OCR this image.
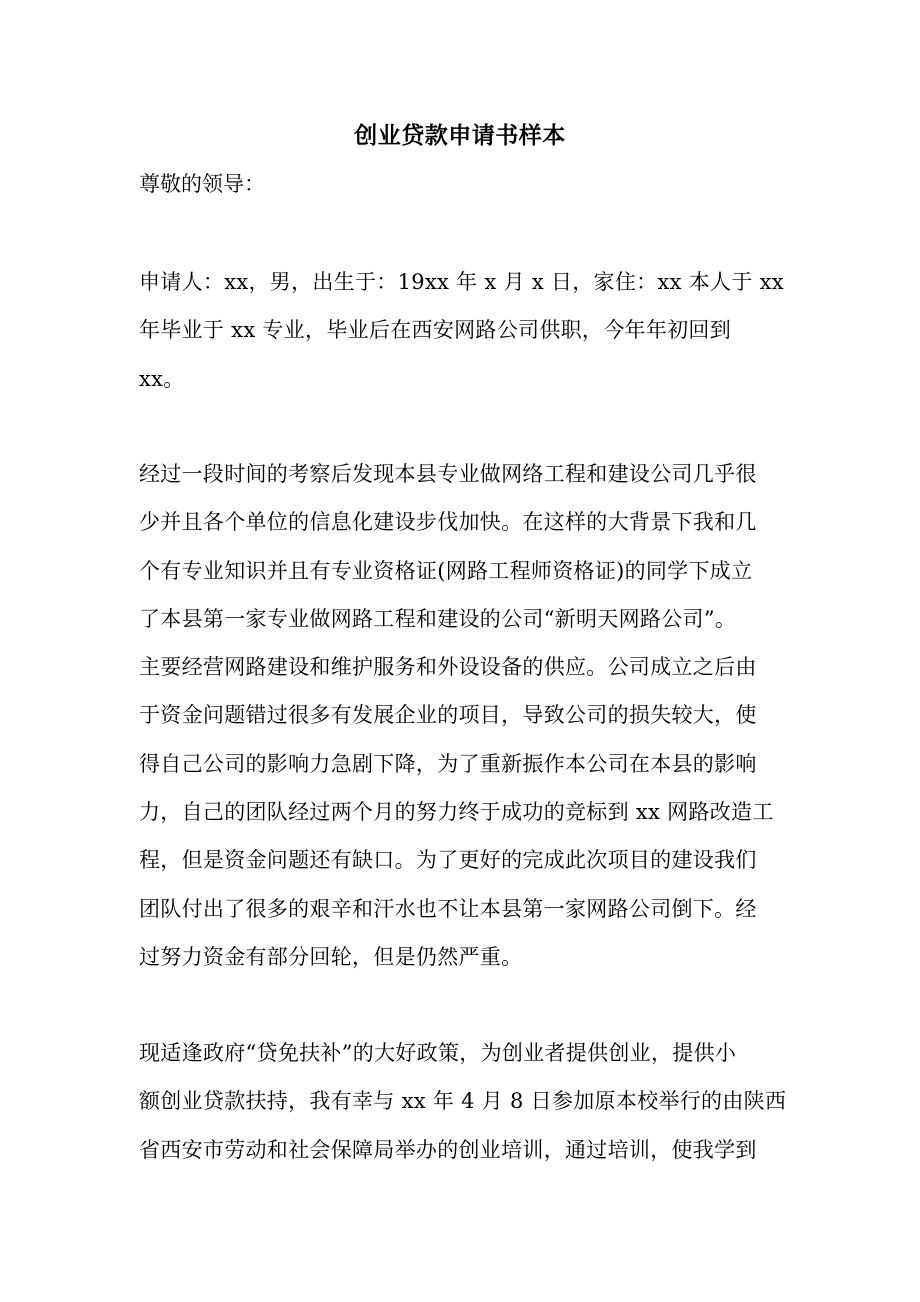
创业贷款申请书样本
尊敬的领导：
申请人：xx，男，出生于：19xx 年 x 月 x 日，家住：xx 本人于 xx
年毕业于 xx 专业，毕业后在西安网路公司供职，今年年初回到
xx。
经过一段时间的考察后发现本县专业做网络工程和建设公司几乎很
少并且各个单位的信息化建设步伐加快。在这样的大背景下我和几
个有专业知识并且有专业资格证(网路工程师资格证)的同学下成立
了本县第一家专业做网路工程和建设的公司“新明天网路公司”。
主要经营网路建设和维护服务和外设设备的供应。公司成立之后由
于资金问题错过很多有发展企业的项目，导致公司的损失较大，使
得自己公司的影响力急剧下降，为了重新振作本公司在本县的影响
力，自己的团队经过两个月的努力终于成功的竞标到 xx 网路改造工
程，但是资金问题还有缺口。为了更好的完成此次项目的建设我们
团队付出了很多的艰辛和汗水也不让本县第一家网路公司倒下。经
过努力资金有部分回轮，但是仍然严重。
现适逢政府“贷免扶补”的大好政策，为创业者提供创业，提供小
额创业贷款扶持，我有幸与 xx 年 4 月 8 日参加原本校举行的由陕西
省西安市劳动和社会保障局举办的创业培训，通过培训，使我学到
